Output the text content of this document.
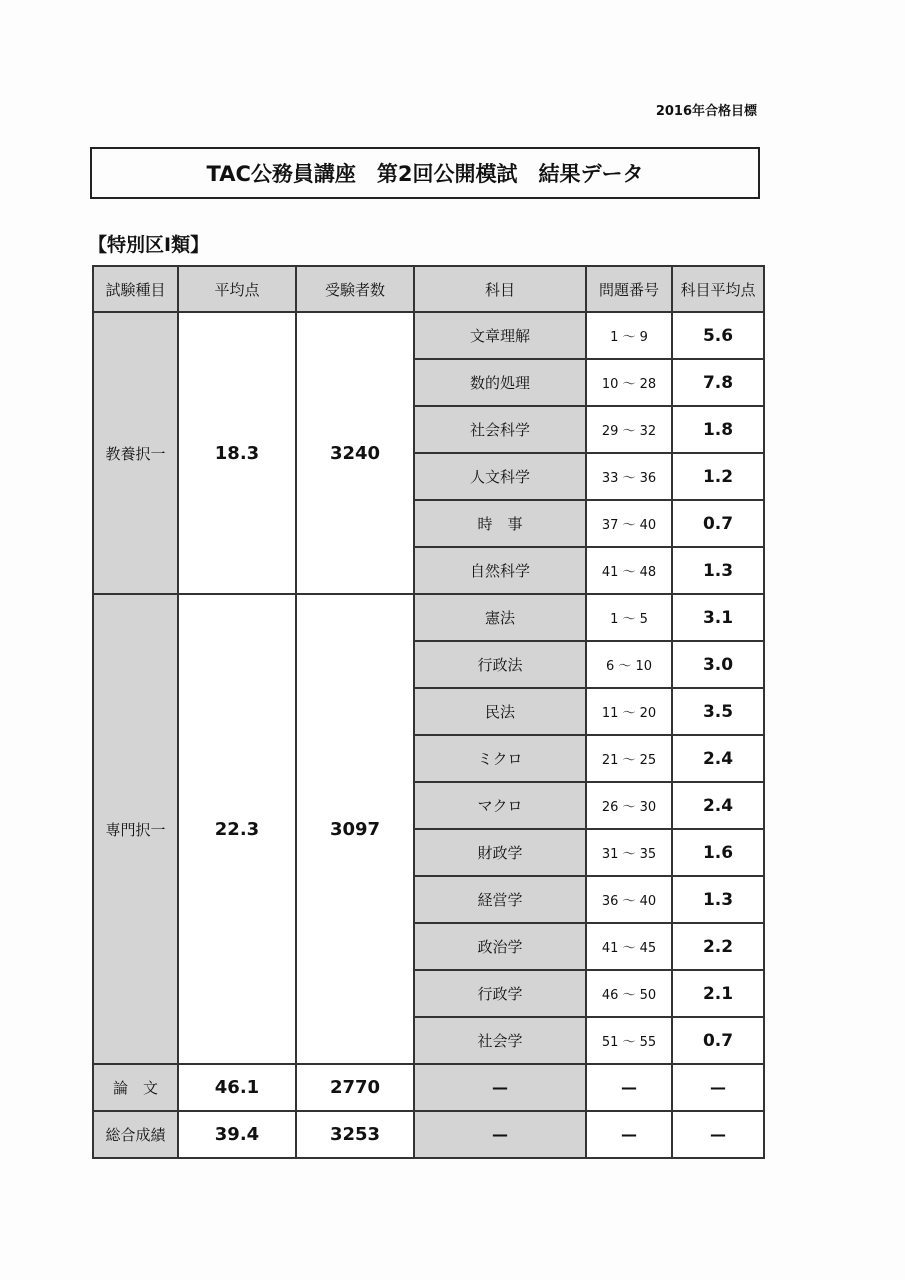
2016年合格目標
TAC公務員講座　第2回公開模試　結果データ
【特別区Ⅰ類】
試験種目	平均点	受験者数	科目	問題番号	科目平均点
教養択一	18.3	3240	文章理解	1 ～ 9	5.6
			数的処理	10 ～ 28	7.8
			社会科学	29 ～ 32	1.8
			人文科学	33 ～ 36	1.2
			時　事	37 ～ 40	0.7
			自然科学	41 ～ 48	1.3
専門択一	22.3	3097	憲法	1 ～ 5	3.1
			行政法	6 ～ 10	3.0
			民法	11 ～ 20	3.5
			ミクロ	21 ～ 25	2.4
			マクロ	26 ～ 30	2.4
			財政学	31 ～ 35	1.6
			経営学	36 ～ 40	1.3
			政治学	41 ～ 45	2.2
			行政学	46 ～ 50	2.1
			社会学	51 ～ 55	0.7
論　文	46.1	2770	—	—	—
総合成績	39.4	3253	—	—	—
